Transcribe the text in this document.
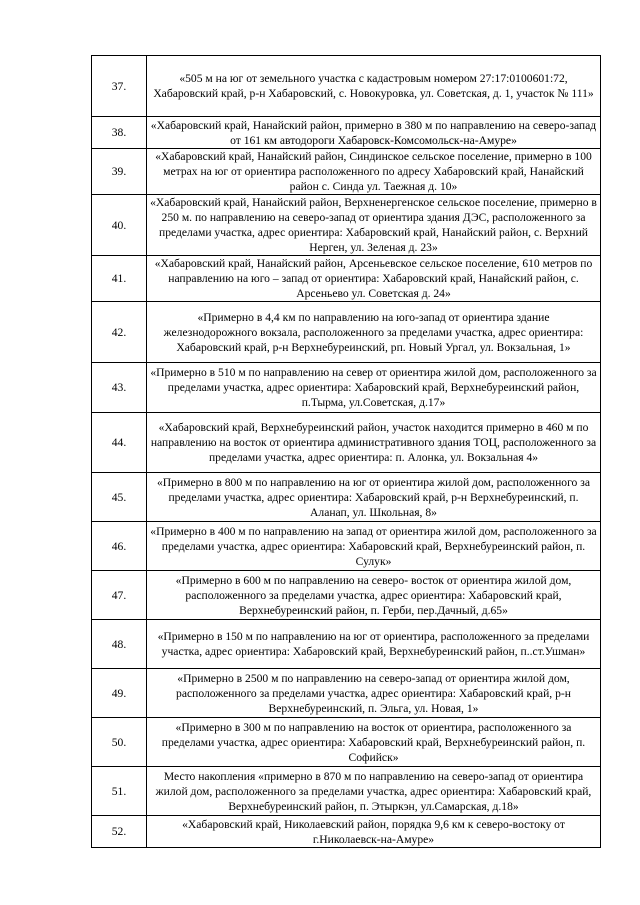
37.	«505 м на юг от земельного участка с кадастровым номером 27:17:0100601:72, Хабаровский край, р-н Хабаровский, с. Новокуровка, ул. Советская, д. 1, участок № 111»
38.	«Хабаровский край, Нанайский район, примерно в 380 м по направлению на северо-запад от 161 км автодороги Хабаровск-Комсомольск-на-Амуре»
39.	«Хабаровский край, Нанайский район, Синдинское сельское поселение, примерно в 100 метрах на юг от ориентира расположенного по адресу Хабаровский край, Нанайский район с. Синда ул. Таежная д. 10»
40.	«Хабаровский край, Нанайский район, Верхненергенское сельское поселение, примерно в 250 м. по направлению на северо-запад от ориентира здания ДЭС, расположенного за пределами участка, адрес ориентира: Хабаровский край, Нанайский район, с. Верхний Нерген, ул. Зеленая д. 23»
41.	«Хабаровский край, Нанайский район, Арсеньевское сельское поселение, 610 метров по направлению на юго – запад от ориентира: Хабаровский край, Нанайский район, с. Арсеньево ул. Советская д. 24»
42.	«Примерно в 4,4 км по направлению на юго-запад от ориентира здание железнодорожного вокзала, расположенного за пределами участка, адрес ориентира: Хабаровский край, р-н Верхнебуреинский, рп. Новый Ургал, ул. Вокзальная, 1»
43.	«Примерно в 510 м по направлению на север от ориентира жилой дом, расположенного за пределами участка, адрес ориентира: Хабаровский край, Верхнебуреинский район, п.Тырма, ул.Советская, д.17»
44.	«Хабаровский край, Верхнебуреинский район, участок находится примерно в 460 м по направлению на восток от ориентира административного здания ТОЦ, расположенного за пределами участка, адрес ориентира: п. Алонка, ул. Вокзальная 4»
45.	«Примерно в 800 м по направлению на юг от ориентира жилой дом, расположенного за пределами участка, адрес ориентира: Хабаровский край, р-н Верхнебуреинский, п. Аланап, ул. Школьная, 8»
46.	«Примерно в 400 м по направлению на запад от ориентира жилой дом, расположенного за пределами участка, адрес ориентира: Хабаровский край, Верхнебуреинский район, п. Сулук»
47.	«Примерно в 600 м по направлению на северо- восток от ориентира жилой дом, расположенного за пределами участка, адрес ориентира: Хабаровский край, Верхнебуреинский район, п. Герби, пер.Дачный, д.65»
48.	«Примерно в 150 м по направлению на юг от ориентира, расположенного за пределами участка, адрес ориентира: Хабаровский край, Верхнебуреинский район, п..ст.Ушман»
49.	«Примерно в 2500 м по направлению на северо-запад от ориентира жилой дом, расположенного за пределами участка, адрес ориентира: Хабаровский край, р-н Верхнебуреинский, п. Эльга, ул. Новая, 1»
50.	«Примерно в 300 м по направлению на восток от ориентира, расположенного за пределами участка, адрес ориентира: Хабаровский край, Верхнебуреинский район, п. Софийск»
51.	Место накопления «примерно в 870 м по направлению на северо-запад от ориентира жилой дом, расположенного за пределами участка, адрес ориентира: Хабаровский край, Верхнебуреинский район, п. Этыркэн, ул.Самарская, д.18»
52.	«Хабаровский край, Николаевский район, порядка 9,6 км к северо-востоку от г.Николаевск-на-Амуре»
